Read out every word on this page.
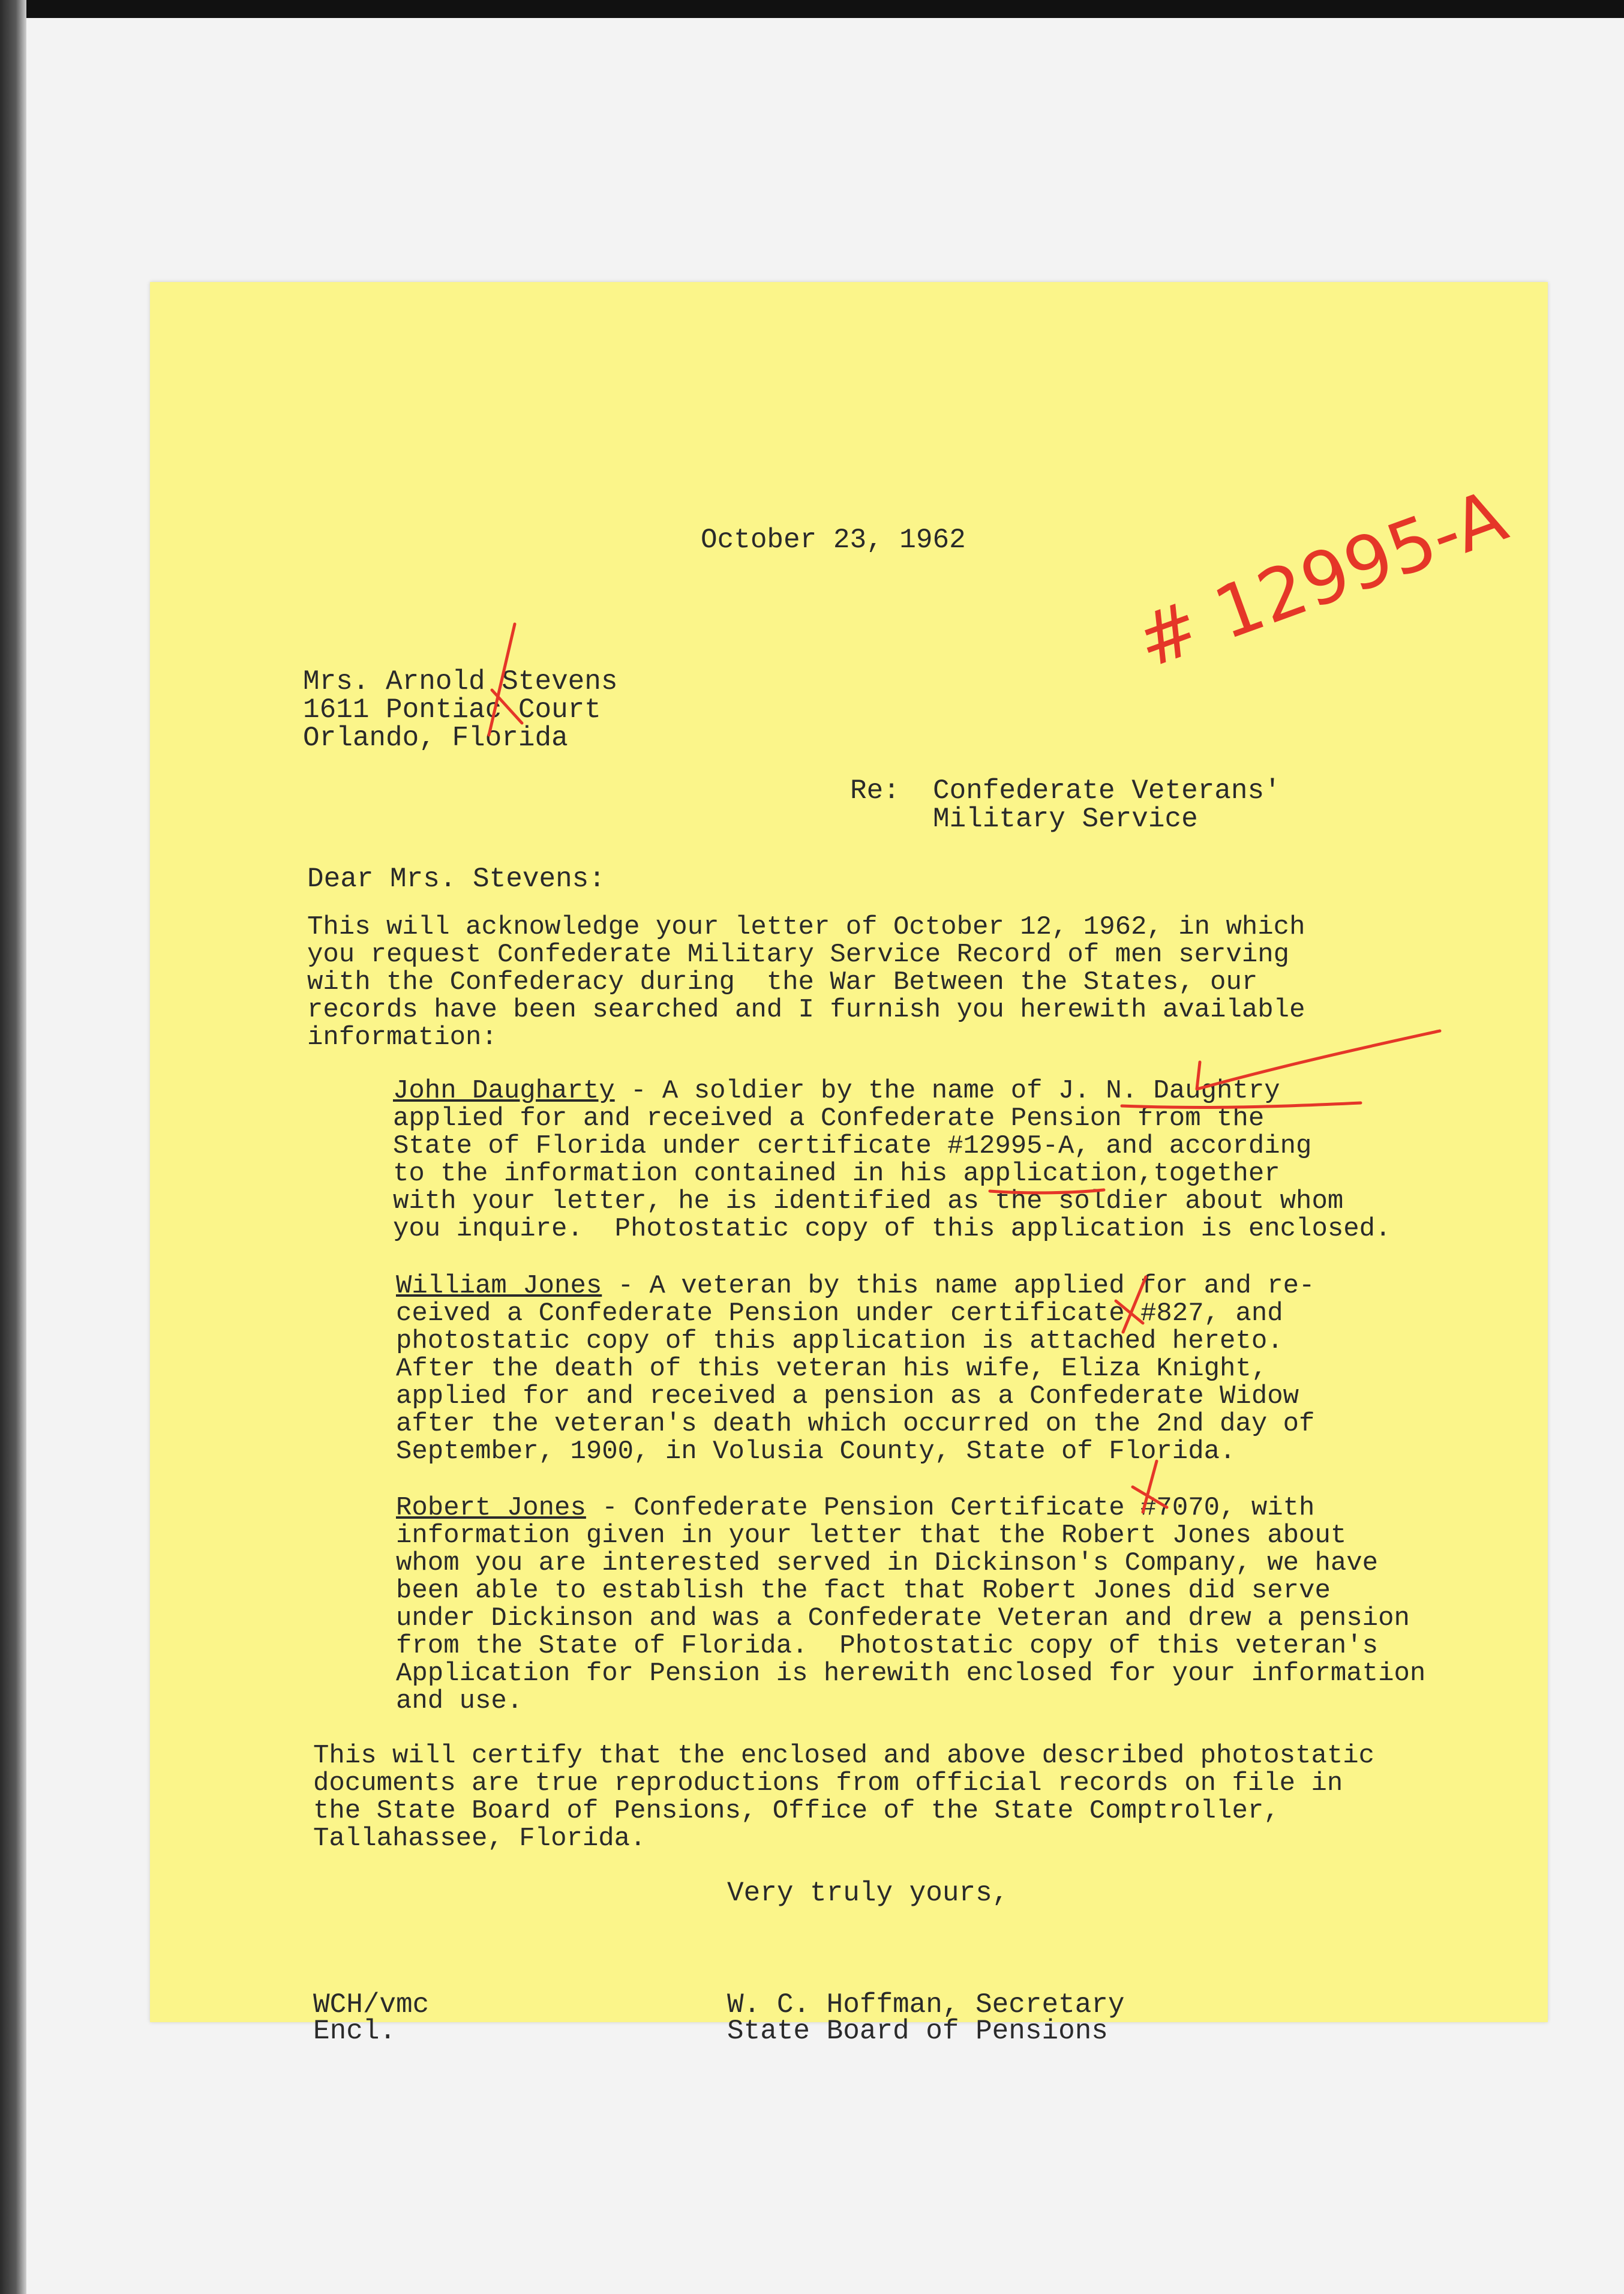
October 23, 1962 # 12995-A
Mrs. Arnold Stevens
1611 Pontiac Court
Orlando, Florida
Re: Confederate Veterans'
Military Service
Dear Mrs. Stevens:
This will acknowledge your letter of October 12, 1962, in which
you request Confederate Military Service Record of men serving
with the Confederacy during  the War Between the States, our
records have been searched and I furnish you herewith available
information:
John Daugharty - A soldier by the name of J. N. Daughtry
applied for and received a Confederate Pension from the
State of Florida under certificate #12995-A, and according
to the information contained in his application,together
with your letter, he is identified as the soldier about whom
you inquire.  Photostatic copy of this application is enclosed.
William Jones - A veteran by this name applied for and re-
ceived a Confederate Pension under certificate #827, and
photostatic copy of this application is attached hereto.
After the death of this veteran his wife, Eliza Knight,
applied for and received a pension as a Confederate Widow
after the veteran's death which occurred on the 2nd day of
September, 1900, in Volusia County, State of Florida.
Robert Jones - Confederate Pension Certificate #7070, with
information given in your letter that the Robert Jones about
whom you are interested served in Dickinson's Company, we have
been able to establish the fact that Robert Jones did serve
under Dickinson and was a Confederate Veteran and drew a pension
from the State of Florida.  Photostatic copy of this veteran's
Application for Pension is herewith enclosed for your information
and use.
This will certify that the enclosed and above described photostatic
documents are true reproductions from official records on file in
the State Board of Pensions, Office of the State Comptroller,
Tallahassee, Florida.
Very truly yours,
WCH/vmc
Encl.
W. C. Hoffman, Secretary
State Board of Pensions
